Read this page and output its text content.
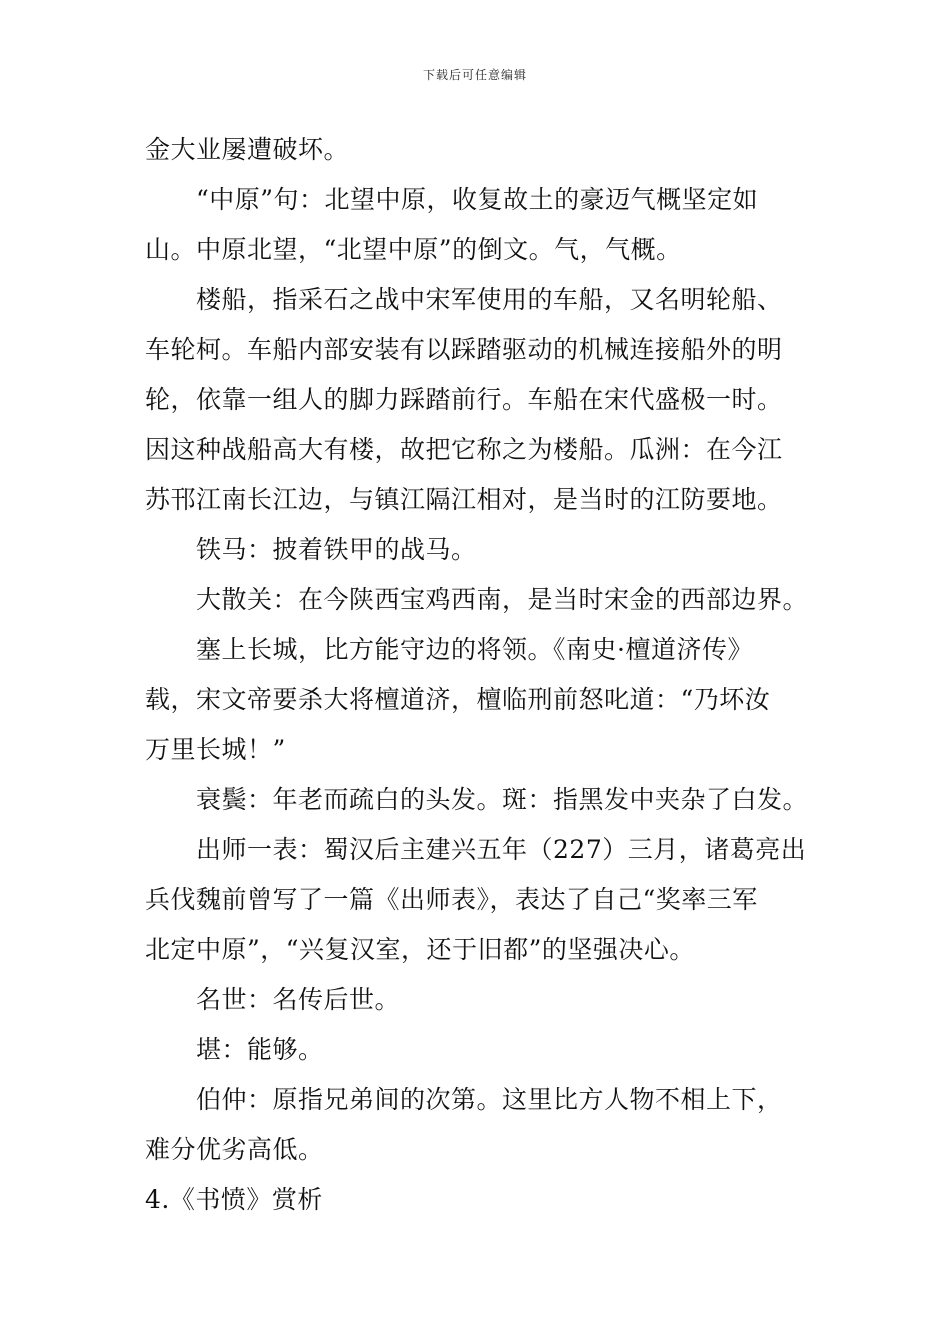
下载后可任意编辑
金大业屡遭破坏。
“中原”句：北望中原，收复故土的豪迈气概坚定如
山。中原北望，“北望中原”的倒文。气，气概。
楼船，指采石之战中宋军使用的车船，又名明轮船、
车轮柯。车船内部安装有以踩踏驱动的机械连接船外的明
轮，依靠一组人的脚力踩踏前行。车船在宋代盛极一时。
因这种战船高大有楼，故把它称之为楼船。瓜洲：在今江
苏邗江南长江边，与镇江隔江相对，是当时的江防要地。
铁马：披着铁甲的战马。
大散关：在今陕西宝鸡西南，是当时宋金的西部边界。
塞上长城，比方能守边的将领。《南史·檀道济传》
载，宋文帝要杀大将檀道济，檀临刑前怒叱道：“乃坏汝
万里长城！”
衰鬓：年老而疏白的头发。斑：指黑发中夹杂了白发。
出师一表：蜀汉后主建兴五年（227）三月，诸葛亮出
兵伐魏前曾写了一篇《出师表》，表达了自己“奖率三军
北定中原”，“兴复汉室，还于旧都”的坚强决心。
名世：名传后世。
堪：能够。
伯仲：原指兄弟间的次第。这里比方人物不相上下，
难分优劣高低。
4.《书愤》赏析
